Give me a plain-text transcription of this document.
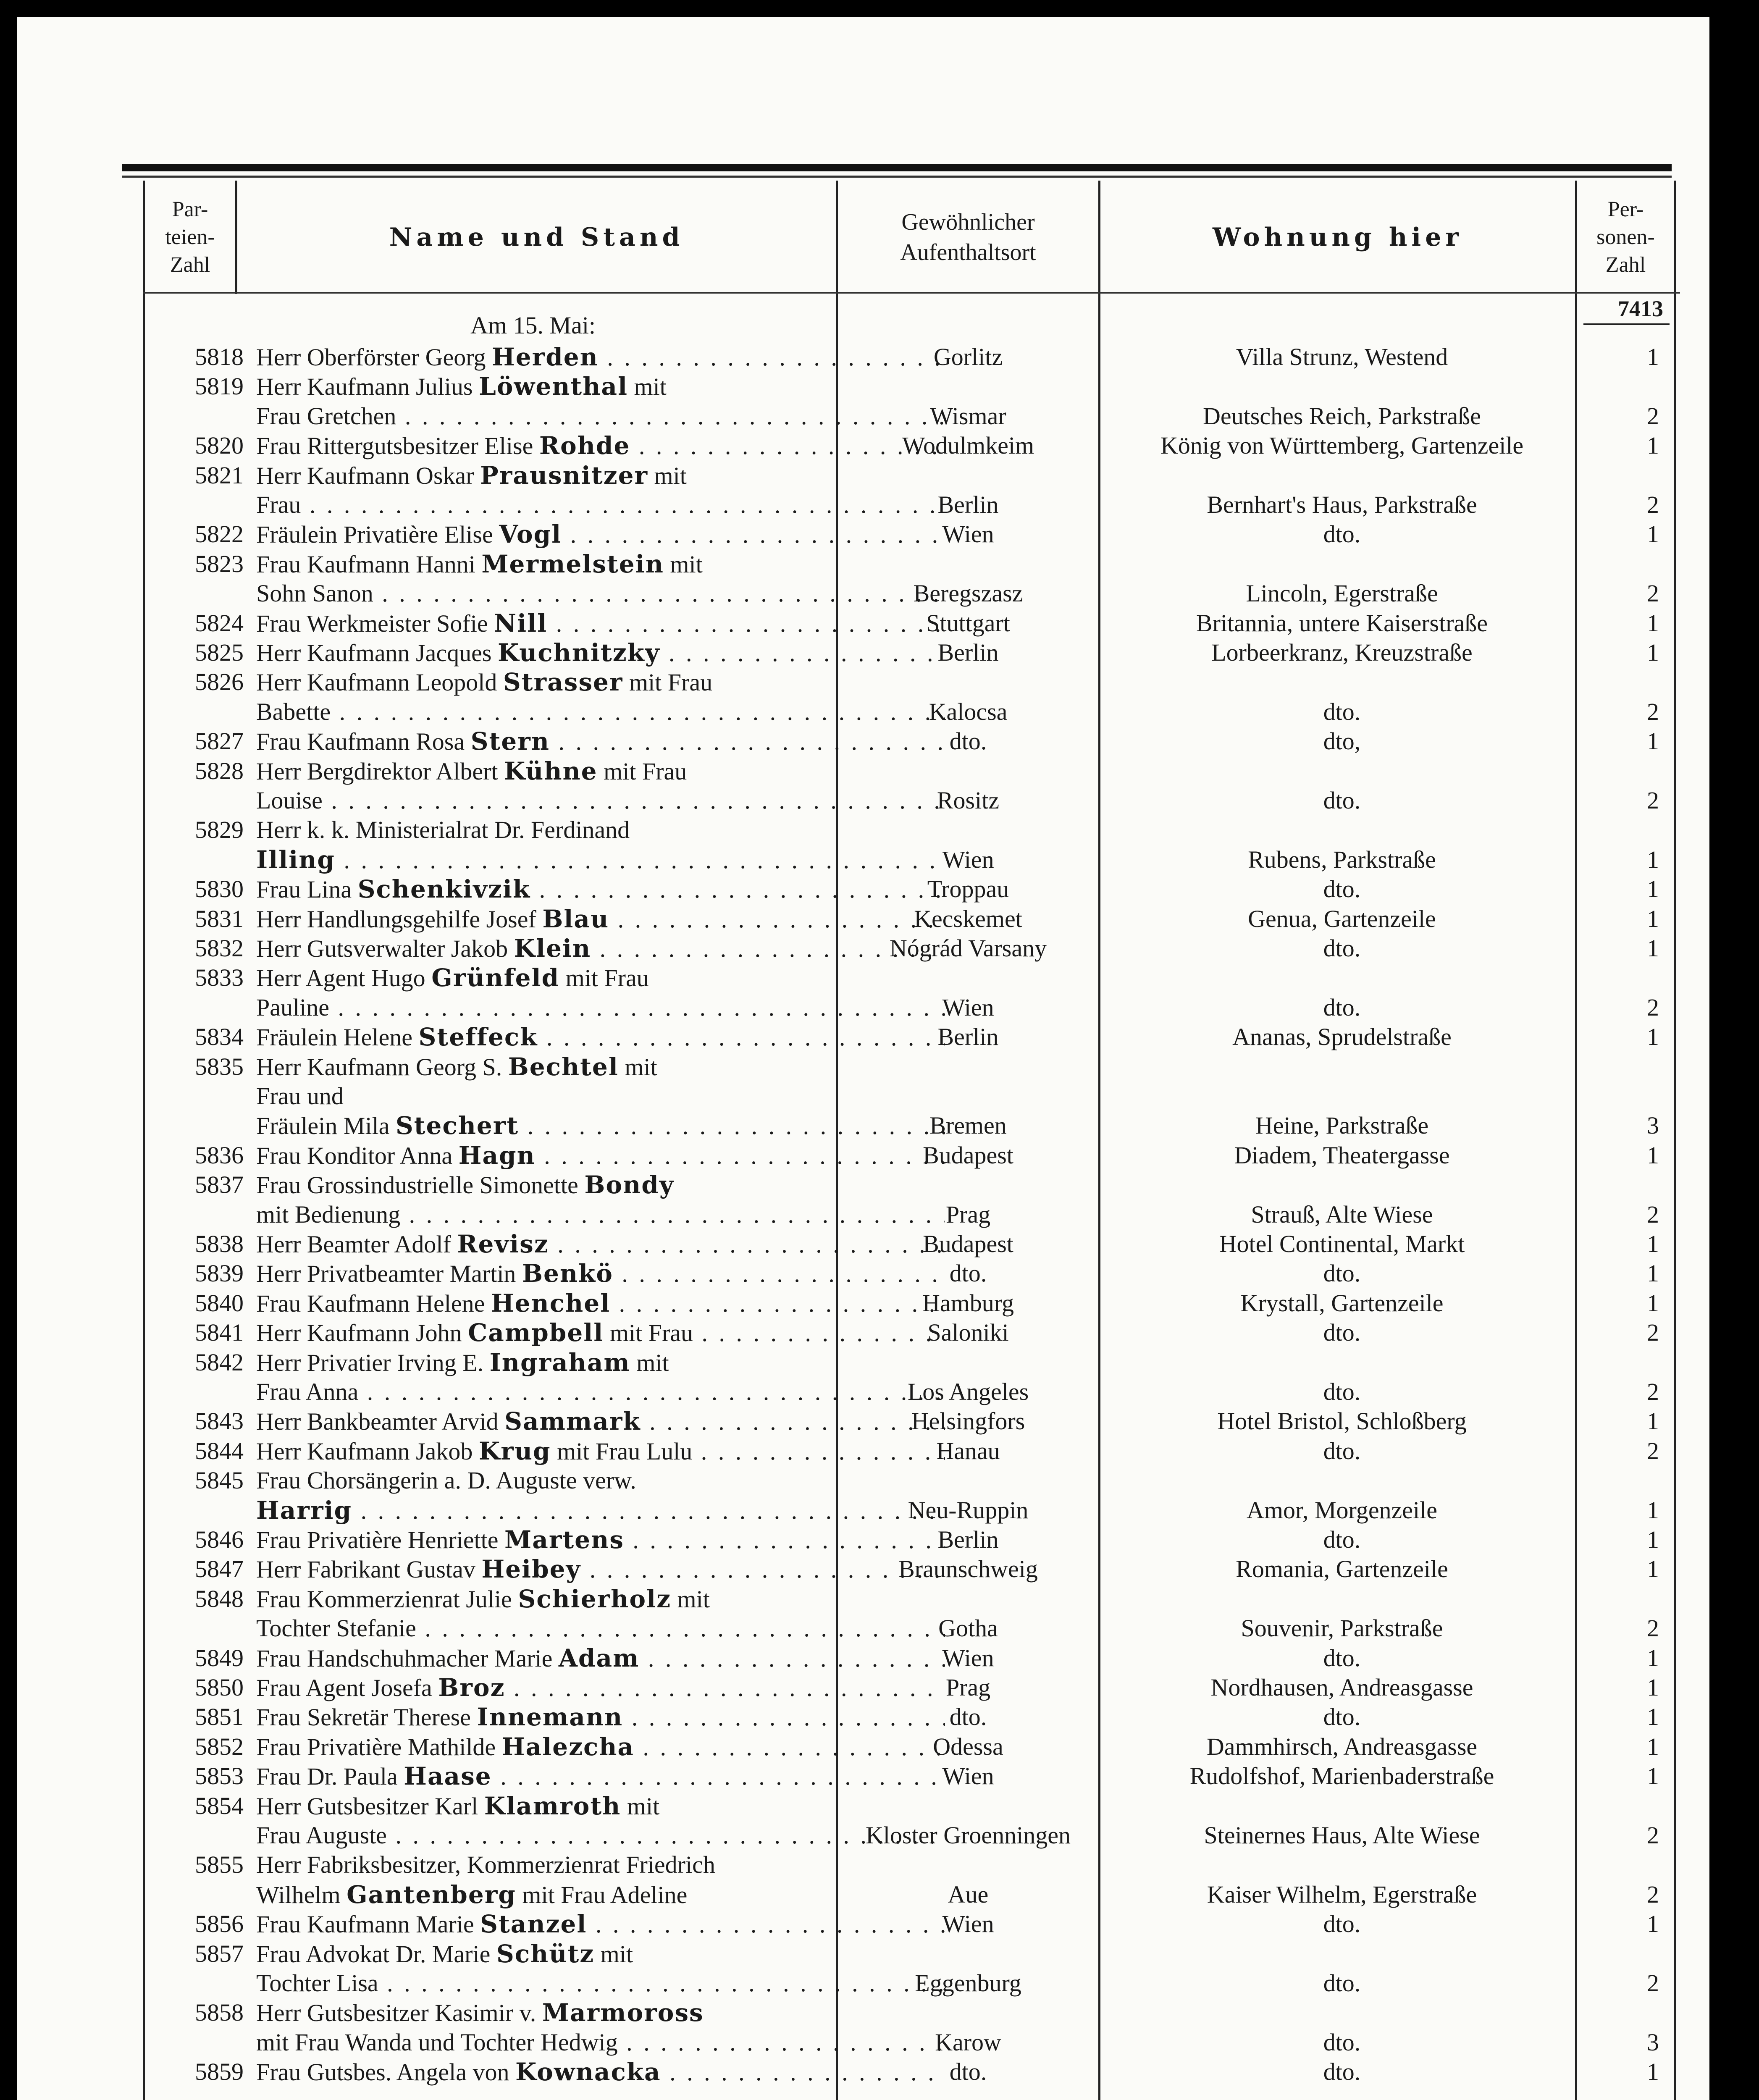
Par-
teien-
Zahl
Name und Stand
Gewöhnlicher
Aufenthaltsort
Wohnung hier
Per-
sonen-
Zahl
7413
Am 15. Mai:
5818 Herr Oberförster Georg Herden . . .	Gorlitz	Villa Strunz, Westend	1
5819 Herr Kaufmann Julius Löwenthal mit
Frau Gretchen . . .	Wismar	Deutsches Reich, Parkstraße	2
5820 Frau Rittergutsbesitzer Elise Rohde . . .	Wodulmkeim	König von Württemberg, Gartenzeile	1
5821 Herr Kaufmann Oskar Prausnitzer mit
Frau . . .	Berlin	Bernhart's Haus, Parkstraße	2
5822 Fräulein Privatière Elise Vogl . . .	Wien	dto.	1
5823 Frau Kaufmann Hanni Mermelstein mit
Sohn Sanon . . .	Beregszasz	Lincoln, Egerstraße	2
5824 Frau Werkmeister Sofie Nill . . .	Stuttgart	Britannia, untere Kaiserstraße	1
5825 Herr Kaufmann Jacques Kuchnitzky . . .	Berlin	Lorbeerkranz, Kreuzstraße	1
5826 Herr Kaufmann Leopold Strasser mit Frau
Babette . . .	Kalocsa	dto.	2
5827 Frau Kaufmann Rosa Stern . . .	dto.	dto,	1
5828 Herr Bergdirektor Albert Kühne mit Frau
Louise . . .	Rositz	dto.	2
5829 Herr k. k. Ministerialrat Dr. Ferdinand
Illing . . .	Wien	Rubens, Parkstraße	1
5830 Frau Lina Schenkivzik . . .	Troppau	dto.	1
5831 Herr Handlungsgehilfe Josef Blau . . .	Kecskemet	Genua, Gartenzeile	1
5832 Herr Gutsverwalter Jakob Klein . . .	Nógrád Varsany	dto.	1
5833 Herr Agent Hugo Grünfeld mit Frau
Pauline . . .	Wien	dto.	2
5834 Fräulein Helene Steffeck . . .	Berlin	Ananas, Sprudelstraße	1
5835 Herr Kaufmann Georg S. Bechtel mit
Frau und
Fräulein Mila Stechert . . .	Bremen	Heine, Parkstraße	3
5836 Frau Konditor Anna Hagn . . .	Budapest	Diadem, Theatergasse	1
5837 Frau Grossindustrielle Simonette Bondy
mit Bedienung . . .	Prag	Strauß, Alte Wiese	2
5838 Herr Beamter Adolf Revisz . . .	Budapest	Hotel Continental, Markt	1
5839 Herr Privatbeamter Martin Benkö . . .	dto.	dto.	1
5840 Frau Kaufmann Helene Henchel . . .	Hamburg	Krystall, Gartenzeile	1
5841 Herr Kaufmann John Campbell mit Frau . . .	Saloniki	dto.	2
5842 Herr Privatier Irving E. Ingraham mit
Frau Anna . . .	Los Angeles	dto.	2
5843 Herr Bankbeamter Arvid Sammark . . .	Helsingfors	Hotel Bristol, Schloßberg	1
5844 Herr Kaufmann Jakob Krug mit Frau Lulu . . .	Hanau	dto.	2
5845 Frau Chorsängerin a. D. Auguste verw.
Harrig . . .	Neu-Ruppin	Amor, Morgenzeile	1
5846 Frau Privatière Henriette Martens . . .	Berlin	dto.	1
5847 Herr Fabrikant Gustav Heibey . . .	Braunschweig	Romania, Gartenzeile	1
5848 Frau Kommerzienrat Julie Schierholz mit
Tochter Stefanie . . .	Gotha	Souvenir, Parkstraße	2
5849 Frau Handschuhmacher Marie Adam . . .	Wien	dto.	1
5850 Frau Agent Josefa Broz . . .	Prag	Nordhausen, Andreasgasse	1
5851 Frau Sekretär Therese Innemann . . .	dto.	dto.	1
5852 Frau Privatière Mathilde Halezcha . . .	Odessa	Dammhirsch, Andreasgasse	1
5853 Frau Dr. Paula Haase . . .	Wien	Rudolfshof, Marienbaderstraße	1
5854 Herr Gutsbesitzer Karl Klamroth mit
Frau Auguste . . .	Kloster Groenningen	Steinernes Haus, Alte Wiese	2
5855 Herr Fabriksbesitzer, Kommerzienrat Friedrich
Wilhelm Gantenberg mit Frau Adeline	Aue	Kaiser Wilhelm, Egerstraße	2
5856 Frau Kaufmann Marie Stanzel . . .	Wien	dto.	1
5857 Frau Advokat Dr. Marie Schütz mit
Tochter Lisa . . .	Eggenburg	dto.	2
5858 Herr Gutsbesitzer Kasimir v. Marmoross
mit Frau Wanda und Tochter Hedwig . . .	Karow	dto.	3
5859 Frau Gutsbes. Angela von Kownacka . . .	dto.	dto.	1
